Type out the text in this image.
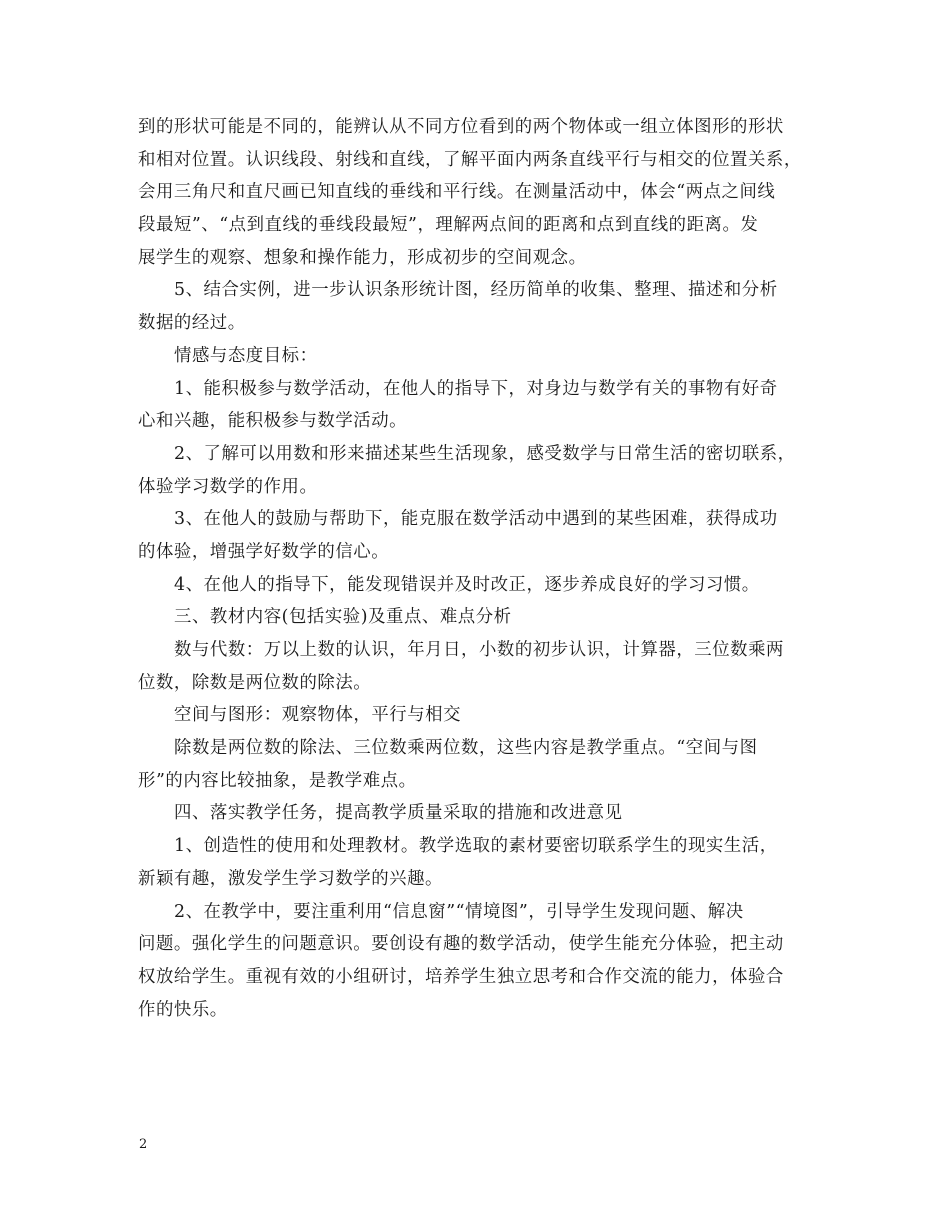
到的形状可能是不同的，能辨认从不同方位看到的两个物体或一组立体图形的形状
和相对位置。认识线段、射线和直线，了解平面内两条直线平行与相交的位置关系，
会用三角尺和直尺画已知直线的垂线和平行线。在测量活动中，体会“两点之间线
段最短”、“点到直线的垂线段最短”，理解两点间的距离和点到直线的距离。发
展学生的观察、想象和操作能力，形成初步的空间观念。
5、结合实例，进一步认识条形统计图，经历简单的收集、整理、描述和分析
数据的经过。
情感与态度目标：
1、能积极参与数学活动，在他人的指导下，对身边与数学有关的事物有好奇
心和兴趣，能积极参与数学活动。
2、了解可以用数和形来描述某些生活现象，感受数学与日常生活的密切联系，
体验学习数学的作用。
3、在他人的鼓励与帮助下，能克服在数学活动中遇到的某些困难，获得成功
的体验，增强学好数学的信心。
4、在他人的指导下，能发现错误并及时改正，逐步养成良好的学习习惯。
三、教材内容(包括实验)及重点、难点分析
数与代数：万以上数的认识，年月日，小数的初步认识，计算器，三位数乘两
位数，除数是两位数的除法。
空间与图形：观察物体，平行与相交
除数是两位数的除法、三位数乘两位数，这些内容是教学重点。“空间与图
形”的内容比较抽象，是教学难点。
四、落实教学任务，提高教学质量采取的措施和改进意见
1、创造性的使用和处理教材。教学选取的素材要密切联系学生的现实生活，
新颖有趣，激发学生学习数学的兴趣。
2、在教学中，要注重利用“信息窗”“情境图”，引导学生发现问题、解决
问题。强化学生的问题意识。要创设有趣的数学活动，使学生能充分体验，把主动
权放给学生。重视有效的小组研讨，培养学生独立思考和合作交流的能力，体验合
作的快乐。
2
